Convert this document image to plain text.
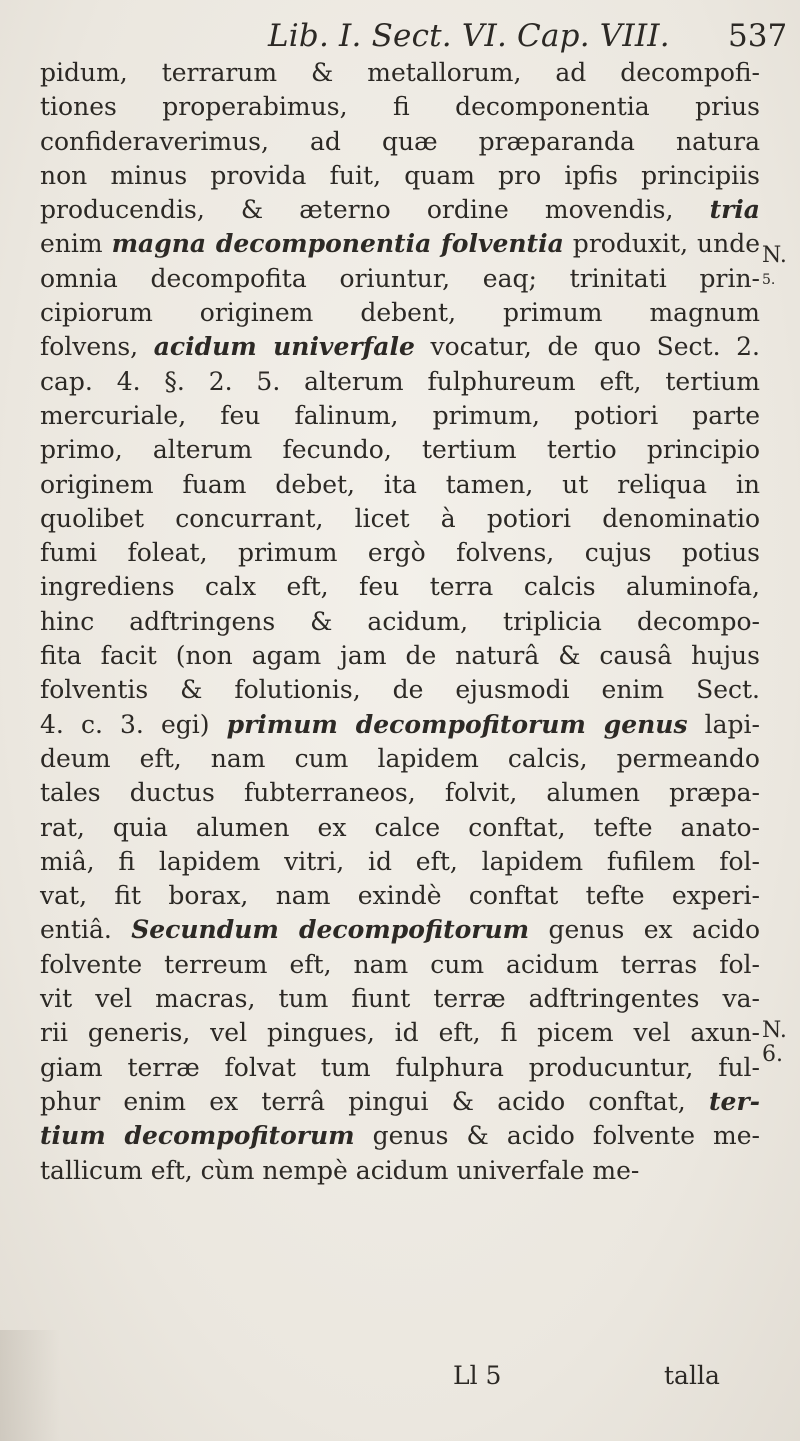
Lib. I. Sect. VI. Cap. VIII. 537
pidum, terrarum & metallorum, ad decompofi-
tiones properabimus, fi decomponentia prius
confideraverimus, ad quæ præparanda natura
non minus provida fuit, quam pro ipfis principiis
producendis, & æterno ordine movendis, tria
enim magna decomponentia folventia produxit, unde
omnia decompofita oriuntur, eaq; trinitati prin-
cipiorum originem debent, primum magnum
folvens, acidum univerfale vocatur, de quo Sect. 2.
cap. 4. §. 2. 5. alterum fulphureum eft, tertium
mercuriale, feu falinum, primum, potiori parte
primo, alterum fecundo, tertium tertio principio
originem fuam debet, ita tamen, ut reliqua in
quolibet concurrant, licet à potiori denominatio
fumi foleat, primum ergò folvens, cujus potius
ingrediens calx eft, feu terra calcis aluminofa,
hinc adftringens & acidum, triplicia decompo-
fita facit (non agam jam de naturâ & causâ hujus
folventis & folutionis, de ejusmodi enim Sect.
4. c. 3. egi) primum decompofitorum genus lapi-
deum eft, nam cum lapidem calcis, permeando
tales ductus fubterraneos, folvit, alumen præpa-
rat, quia alumen ex calce conftat, tefte anato-
miâ, fi lapidem vitri, id eft, lapidem fufilem fol-
vat, fit borax, nam exindè conftat tefte experi-
entiâ. Secundum decompofitorum genus ex acido
folvente terreum eft, nam cum acidum terras fol-
vit vel macras, tum fiunt terræ adftringentes va-
rii generis, vel pingues, id eft, fi picem vel axun-
giam terræ folvat tum fulphura producuntur, ful-
phur enim ex terrâ pingui & acido conftat, ter-
tium decompofitorum genus & acido folvente me-
tallicum eft, cùm nempè acidum univerfale me-
N.
5.
N.
6.
Ll 5	talla
